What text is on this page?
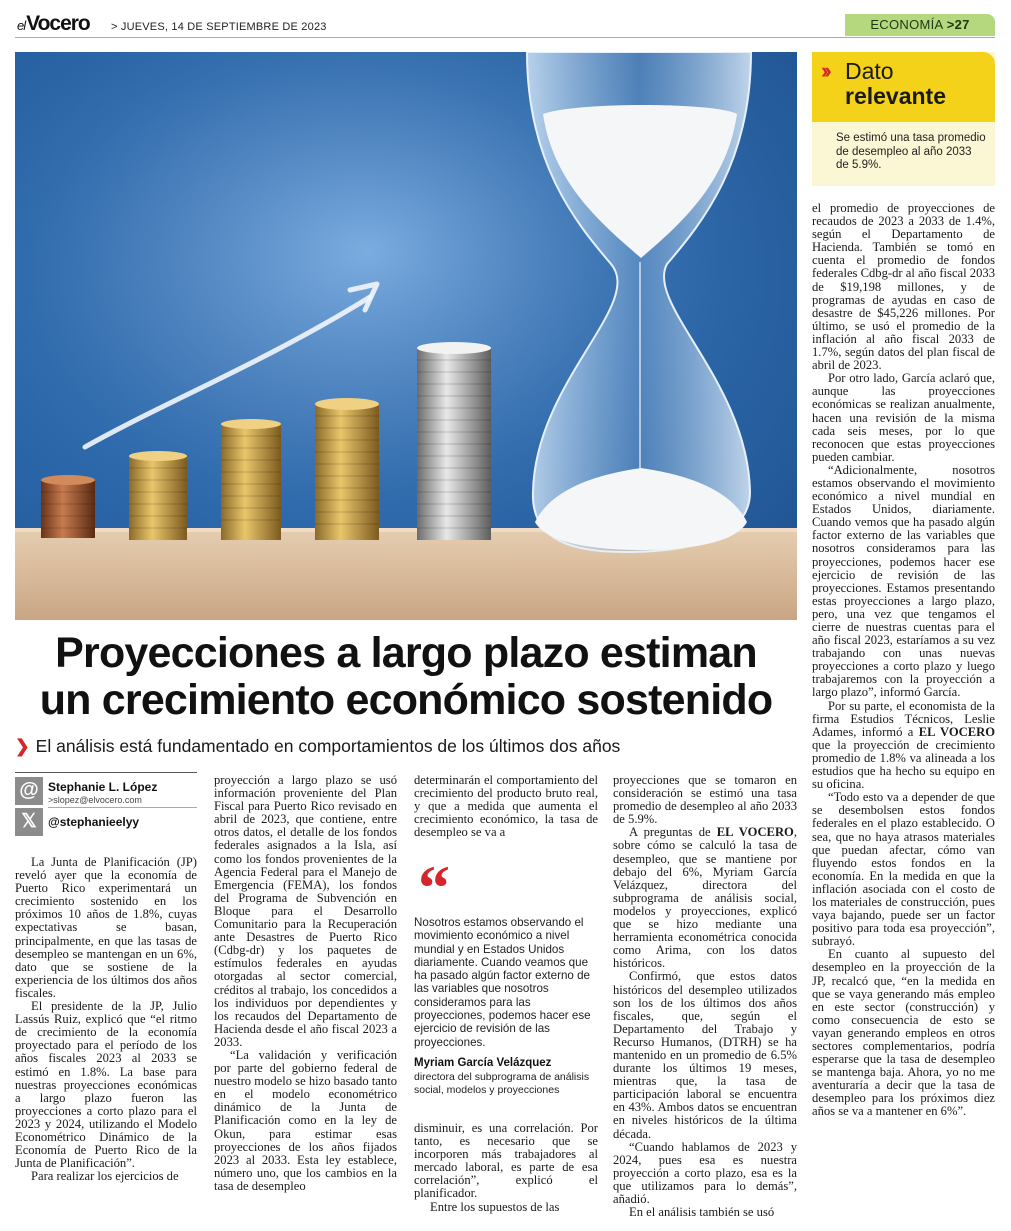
elVocero > JUEVES, 14 DE SEPTIEMBRE DE 2023	ECONOMÍA >27
›› Dato
relevante
Se estimó una tasa promedio de desempleo al año 2033 de 5.9%.
Proyecciones a largo plazo estiman
un crecimiento económico sostenido
❯ El análisis está fundamentado en comportamientos de los últimos dos años
@ Stephanie L. López
>slopez@elvocero.com
𝕏 @stephanieelyy

La Junta de Planificación (JP) reveló ayer que la economía de Puerto Rico experimentará un crecimiento sostenido en los próximos 10 años de 1.8%, cuyas expectativas se basan, principalmente, en que las tasas de desempleo se mantengan en un 6%, dato que se sostiene de la experiencia de los últimos dos años fiscales.

El presidente de la JP, Julio Lassús Ruiz, explicó que “el ritmo de crecimiento de la economía proyectado para el período de los años fiscales 2023 al 2033 se estimó en 1.8%. La base para nuestras proyecciones económicas a largo plazo fueron las proyecciones a corto plazo para el 2023 y 2024, utilizando el Modelo Econométrico Dinámico de la Economía de Puerto Rico de la Junta de Planificación”.

Para realizar los ejercicios de

proyección a largo plazo se usó información proveniente del Plan Fiscal para Puerto Rico revisado en abril de 2023, que contiene, entre otros datos, el detalle de los fondos federales asignados a la Isla, así como los fondos provenientes de la Agencia Federal para el Manejo de Emergencia (FEMA), los fondos del Programa de Subvención en Bloque para el Desarrollo Comunitario para la Recuperación ante Desastres de Puerto Rico (Cdbg-dr) y los paquetes de estímulos federales en ayudas otorgadas al sector comercial, créditos al trabajo, los concedidos a los individuos por dependientes y los recaudos del Departamento de Hacienda desde el año fiscal 2023 a 2033.

“La validación y verificación por parte del gobierno federal de nuestro modelo se hizo basado tanto en el modelo econométrico dinámico de la Junta de Planificación como en la ley de Okun, para estimar esas proyecciones de los años fijados 2023 al 2033. Esta ley establece, número uno, que los cambios en la tasa de desempleo

determinarán el comportamiento del crecimiento del producto bruto real, y que a medida que aumenta el crecimiento económico, la tasa de desempleo se va a

“
Nosotros estamos observando el movimiento económico a nivel mundial y en Estados Unidos diariamente. Cuando veamos que ha pasado algún factor externo de las variables que nosotros consideramos para las proyecciones, podemos hacer ese ejercicio de revisión de las proyecciones.
Myriam García Velázquez
directora del subprograma de análisis social, modelos y proyecciones

disminuir, es una correlación. Por tanto, es necesario que se incorporen más trabajadores al mercado laboral, es parte de esa correlación”, explicó el planificador.

Entre los supuestos de las

proyecciones que se tomaron en consideración se estimó una tasa promedio de desempleo al año 2033 de 5.9%.

A preguntas de EL VOCERO, sobre cómo se calculó la tasa de desempleo, que se mantiene por debajo del 6%, Myriam García Velázquez, directora del subprograma de análisis social, modelos y proyecciones, explicó que se hizo mediante una herramienta econométrica conocida como Arima, con los datos históricos.

Confirmó, que estos datos históricos del desempleo utilizados son los de los últimos dos años fiscales, que, según el Departamento del Trabajo y Recurso Humanos, (DTRH) se ha mantenido en un promedio de 6.5% durante los últimos 19 meses, mientras que, la tasa de participación laboral se encuentra en 43%. Ambos datos se encuentran en niveles históricos de la última década.

“Cuando hablamos de 2023 y 2024, pues esa es nuestra proyección a corto plazo, esa es la que utilizamos para lo demás”, añadió.

En el análisis también se usó

el promedio de proyecciones de recaudos de 2023 a 2033 de 1.4%, según el Departamento de Hacienda. También se tomó en cuenta el promedio de fondos federales Cdbg-dr al año fiscal 2033 de $19,198 millones, y de programas de ayudas en caso de desastre de $45,226 millones. Por último, se usó el promedio de la inflación al año fiscal 2033 de 1.7%, según datos del plan fiscal de abril de 2023.

Por otro lado, García aclaró que, aunque las proyecciones económicas se realizan anualmente, hacen una revisión de la misma cada seis meses, por lo que reconocen que estas proyecciones pueden cambiar.

“Adicionalmente, nosotros estamos observando el movimiento económico a nivel mundial en Estados Unidos, diariamente. Cuando vemos que ha pasado algún factor externo de las variables que nosotros consideramos para las proyecciones, podemos hacer ese ejercicio de revisión de las proyecciones. Estamos presentando estas proyecciones a largo plazo, pero, una vez que tengamos el cierre de nuestras cuentas para el año fiscal 2023, estaríamos a su vez trabajando con unas nuevas proyecciones a corto plazo y luego trabajaremos con la proyección a largo plazo”, informó García.

Por su parte, el economista de la firma Estudios Técnicos, Leslie Adames, informó a EL VOCERO que la proyección de crecimiento promedio de 1.8% va alineada a los estudios que ha hecho su equipo en su oficina.

“Todo esto va a depender de que se desembolsen estos fondos federales en el plazo establecido. O sea, que no haya atrasos materiales que puedan afectar, cómo van fluyendo estos fondos en la economía. En la medida en que la inflación asociada con el costo de los materiales de construcción, pues vaya bajando, puede ser un factor positivo para toda esa proyección”, subrayó.

En cuanto al supuesto del desempleo en la proyección de la JP, recalcó que, “en la medida en que se vaya generando más empleo en este sector (construcción) y como consecuencia de esto se vayan generando empleos en otros sectores complementarios, podría esperarse que la tasa de desempleo se mantenga baja. Ahora, yo no me aventuraría a decir que la tasa de desempleo para los próximos diez años se va a mantener en 6%”.
